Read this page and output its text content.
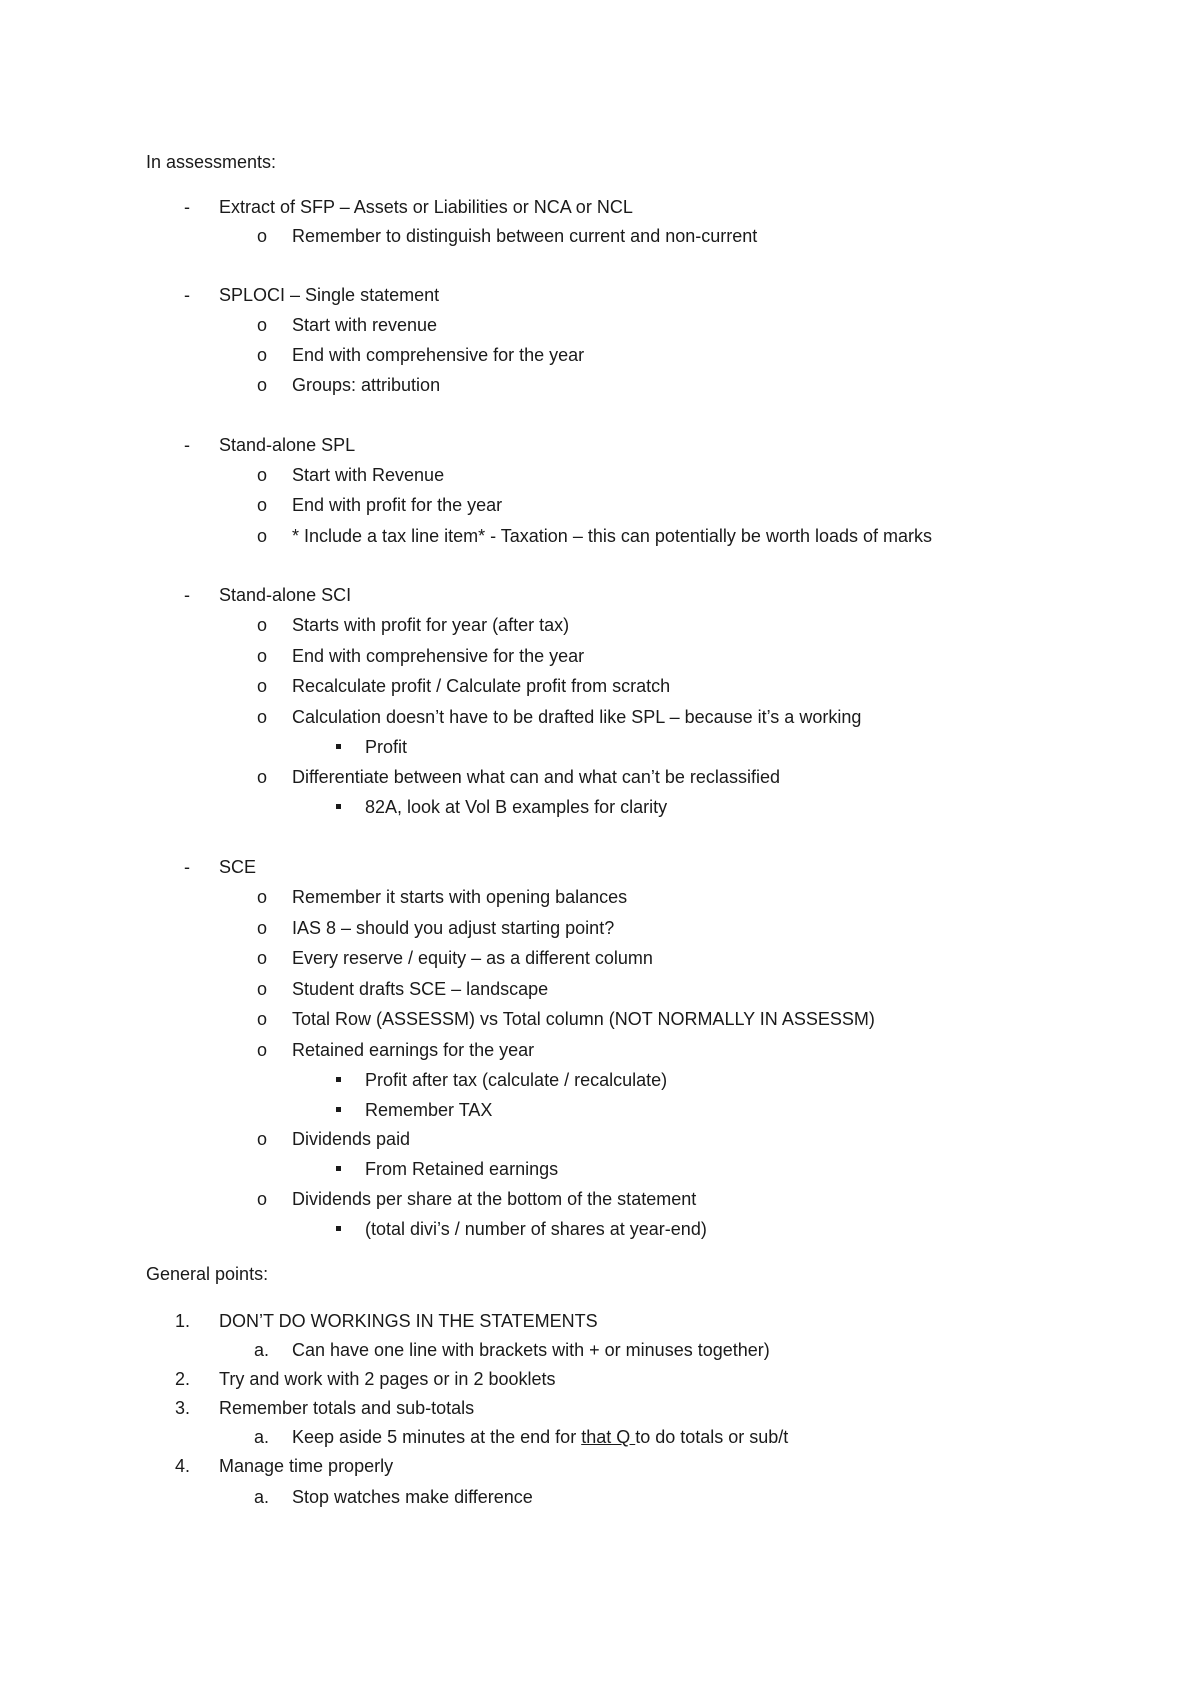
In assessments:
- Extract of SFP – Assets or Liabilities or NCA or NCL
o Remember to distinguish between current and non-current
- SPLOCI – Single statement
o Start with revenue
o End with comprehensive for the year
o Groups: attribution
- Stand-alone SPL
o Start with Revenue
o End with profit for the year
o * Include a tax line item* - Taxation – this can potentially be worth loads of marks
- Stand-alone SCI
o Starts with profit for year (after tax)
o End with comprehensive for the year
o Recalculate profit / Calculate profit from scratch
o Calculation doesn’t have to be drafted like SPL – because it’s a working
Profit
o Differentiate between what can and what can’t be reclassified
82A, look at Vol B examples for clarity
- SCE
o Remember it starts with opening balances
o IAS 8 – should you adjust starting point?
o Every reserve / equity – as a different column
o Student drafts SCE – landscape
o Total Row (ASSESSM) vs Total column (NOT NORMALLY IN ASSESSM)
o Retained earnings for the year
Profit after tax (calculate / recalculate)
Remember TAX
o Dividends paid
From Retained earnings
o Dividends per share at the bottom of the statement
(total divi’s / number of shares at year-end)
General points:
1. DON’T DO WORKINGS IN THE STATEMENTS
a. Can have one line with brackets with + or minuses together)
2. Try and work with 2 pages or in 2 booklets
3. Remember totals and sub-totals
a. Keep aside 5 minutes at the end for that Q to do totals or sub/t
4. Manage time properly
a. Stop watches make difference
